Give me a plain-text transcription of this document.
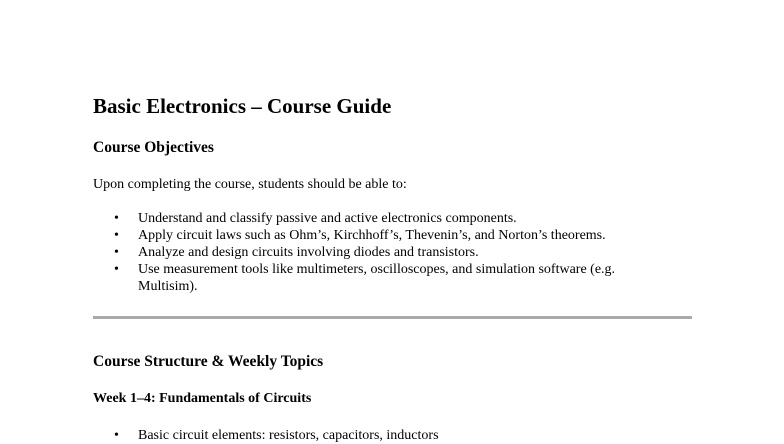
Basic Electronics – Course Guide
Course Objectives

Upon completing the course, students should be able to:

• Understand and classify passive and active electronics components.
• Apply circuit laws such as Ohm’s, Kirchhoff’s, Thevenin’s, and Norton’s theorems.
• Analyze and design circuits involving diodes and transistors.
• Use measurement tools like multimeters, oscilloscopes, and simulation software (e.g. Multisim).
Course Structure & Weekly Topics
Week 1–4: Fundamentals of Circuits
• Basic circuit elements: resistors, capacitors, inductors
